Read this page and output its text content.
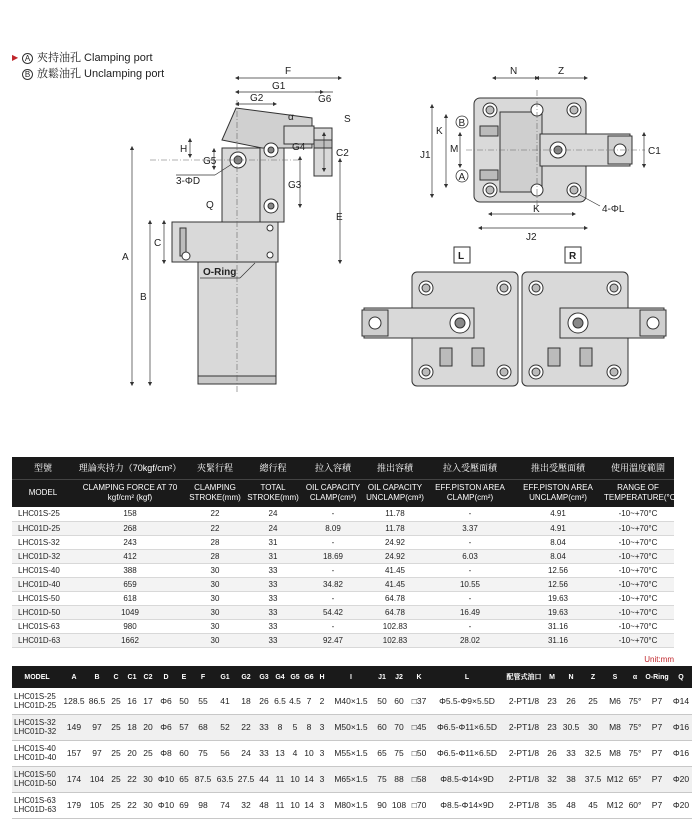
▶ A 夾持油孔 Clamping port
B 放鬆油孔 Unclamping port	F
G1
G2	G6
α	S
H
G5
G4
C2
G3
3-ΦD
Q
C
E
A
B
O-Ring
N	Z
J1
K
M	C1
K
J2
4-ΦL
B
A
L	R
型號	理論夾持力（70kgf/cm²）	夾緊行程	總行程	拉入容積	推出容積	拉入受壓面積	推出受壓面積	使用溫度範圍
MODEL	CLAMPING FORCE AT 70 kgf/cm² (kgf)	CLAMPING STROKE(mm)	TOTAL STROKE(mm)	OIL CAPACITY CLAMP(cm³)	OIL CAPACITY UNCLAMP(cm³)	EFF.PISTON AREA CLAMP(cm²)	EFF.PISTON AREA UNCLAMP(cm²)	RANGE OF TEMPERATURE(°C)
LHC01S-25	158	22	24	-	11.78	-	4.91	-10~+70°C
LHC01D-25	268	22	24	8.09	11.78	3.37	4.91	-10~+70°C
LHC01S-32	243	28	31	-	24.92	-	8.04	-10~+70°C
LHC01D-32	412	28	31	18.69	24.92	6.03	8.04	-10~+70°C
LHC01S-40	388	30	33	-	41.45	-	12.56	-10~+70°C
LHC01D-40	659	30	33	34.82	41.45	10.55	12.56	-10~+70°C
LHC01S-50	618	30	33	-	64.78	-	19.63	-10~+70°C
LHC01D-50	1049	30	33	54.42	64.78	16.49	19.63	-10~+70°C
LHC01S-63	980	30	33	-	102.83	-	31.16	-10~+70°C
LHC01D-63	1662	30	33	92.47	102.83	28.02	31.16	-10~+70°C
Unit:mm
MODEL	A	B	C	C1	C2	D	E	F	G1	G2	G3	G4	G5	G6	H	I	J1	J2	K	L	配管式油口	M	N	Z	S	α	O-Ring	Q

LHC01S-25
LHC01D-25	128.5	86.5	25	16	17	Φ6	50	55	41	18	26	6.5	4.5	7	2	M40×1.5	50	60	□37	Φ5.5-Φ9×5.5D	2-PT1/8	23	26	25	M6	75°	P7	Φ14

LHC01S-32
LHC01D-32	149	97	25	18	20	Φ6	57	68	52	22	33	8	5	8	3	M50×1.5	60	70	□45	Φ6.5-Φ11×6.5D	2-PT1/8	23	30.5	30	M8	75°	P7	Φ16

LHC01S-40
LHC01D-40	157	97	25	20	25	Φ8	60	75	56	24	33	13	4	10	3	M55×1.5	65	75	□50	Φ6.5-Φ11×6.5D	2-PT1/8	26	33	32.5	M8	75°	P7	Φ16

LHC01S-50
LHC01D-50	174	104	25	22	30	Φ10	65	87.5	63.5	27.5	44	11	10	14	3	M65×1.5	75	88	□58	Φ8.5-Φ14×9D	2-PT1/8	32	38	37.5	M12	65°	P7	Φ20

LHC01S-63
LHC01D-63	179	105	25	22	30	Φ10	69	98	74	32	48	11	10	14	3	M80×1.5	90	108	□70	Φ8.5-Φ14×9D	2-PT1/8	35	48	45	M12	60°	P7	Φ20
